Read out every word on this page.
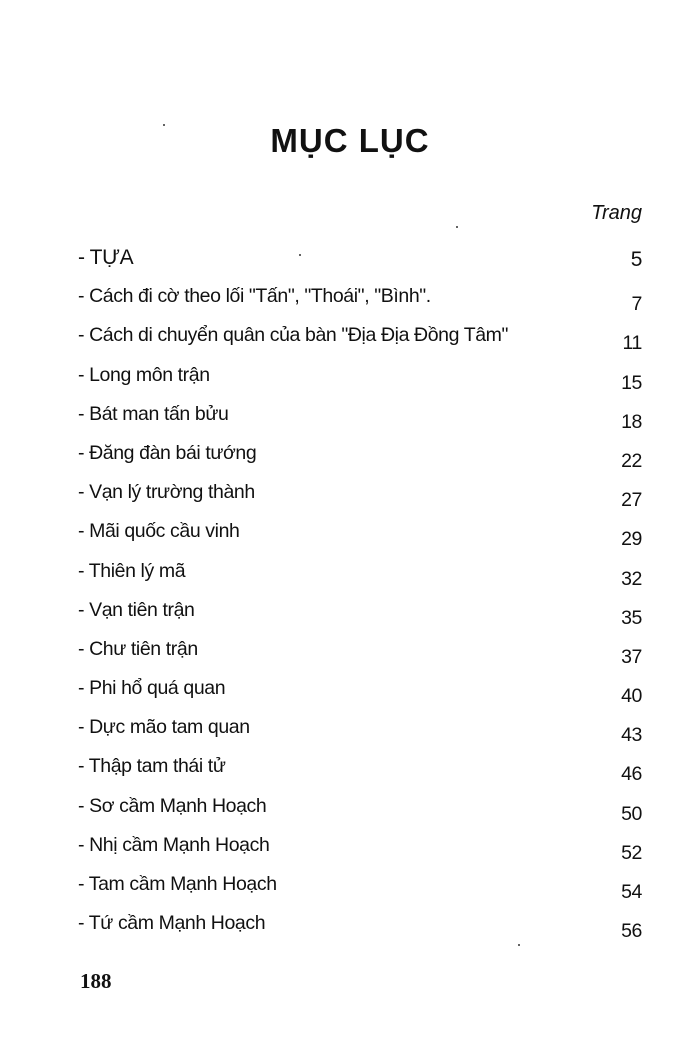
MỤC LỤC
Trang
- TỰA	5
- Cách đi cờ theo lối "Tấn", "Thoái", "Bình".	7
- Cách di chuyển quân của bàn "Địa Địa Đồng Tâm"	11
- Long môn trận	15
- Bát man tấn bửu	18
- Đăng đàn bái tướng	22
- Vạn lý trường thành	27
- Mãi quốc cầu vinh	29
- Thiên lý mã	32
- Vạn tiên trận	35
- Chư tiên trận	37
- Phi hổ quá quan	40
- Dực mão tam quan	43
- Thập tam thái tử	46
- Sơ cầm Mạnh Hoạch	50
- Nhị cầm Mạnh Hoạch	52
- Tam cầm Mạnh Hoạch	54
- Tứ cầm Mạnh Hoạch	56
188
